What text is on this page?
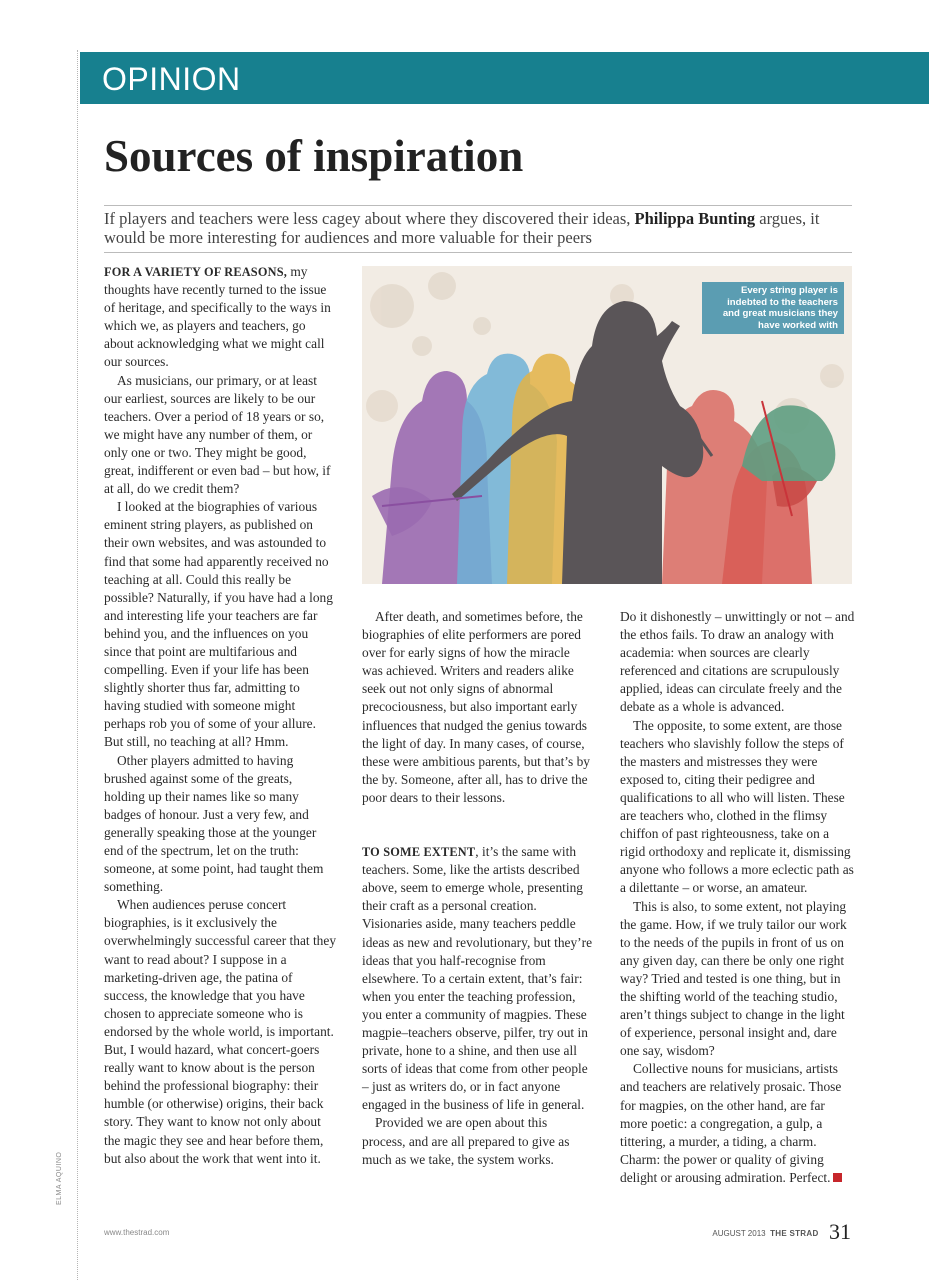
OPINION
Sources of inspiration
If players and teachers were less cagey about where they discovered their ideas, Philippa Bunting argues, it would be more interesting for audiences and more valuable for their peers

FOR A VARIETY OF REASONS, my thoughts have recently turned to the issue of heritage, and specifically to the ways in which we, as players and teachers, go about acknowledging what we might call our sources.

As musicians, our primary, or at least our earliest, sources are likely to be our teachers. Over a period of 18 years or so, we might have any number of them, or only one or two. They might be good, great, indifferent or even bad – but how, if at all, do we credit them?

I looked at the biographies of various eminent string players, as published on their own websites, and was astounded to find that some had apparently received no teaching at all. Could this really be possible? Naturally, if you have had a long and interesting life your teachers are far behind you, and the influences on you since that point are multifarious and compelling. Even if your life has been slightly shorter thus far, admitting to having studied with someone might perhaps rob you of some of your allure. But still, no teaching at all? Hmm.

Other players admitted to having brushed against some of the greats, holding up their names like so many badges of honour. Just a very few, and generally speaking those at the younger end of the spectrum, let on the truth: someone, at some point, had taught them something.

When audiences peruse concert biographies, is it exclusively the overwhelmingly successful career that they want to read about? I suppose in a marketing-driven age, the patina of success, the knowledge that you have chosen to appreciate someone who is endorsed by the whole world, is important. But, I would hazard, what concert-goers really want to know about is the person behind the professional biography: their humble (or otherwise) origins, their back story. They want to know not only about the magic they see and hear before them, but also about the work that went into it.

Every string player is indebted to the teachers and great musicians they have worked with

After death, and sometimes before, the biographies of elite performers are pored over for early signs of how the miracle was achieved. Writers and readers alike seek out not only signs of abnormal precociousness, but also important early influences that nudged the genius towards the light of day. In many cases, of course, these were ambitious parents, but that’s by the by. Someone, after all, has to drive the poor dears to their lessons.

TO SOME EXTENT, it’s the same with teachers. Some, like the artists described above, seem to emerge whole, presenting their craft as a personal creation. Visionaries aside, many teachers peddle ideas as new and revolutionary, but they’re ideas that you half-recognise from elsewhere. To a certain extent, that’s fair: when you enter the teaching profession, you enter a community of magpies. These magpie–teachers observe, pilfer, try out in private, hone to a shine, and then use all sorts of ideas that come from other people – just as writers do, or in fact anyone engaged in the business of life in general.

Provided we are open about this process, and are all prepared to give as much as we take, the system works.

Do it dishonestly – unwittingly or not – and the ethos fails. To draw an analogy with academia: when sources are clearly referenced and citations are scrupulously applied, ideas can circulate freely and the debate as a whole is advanced.

The opposite, to some extent, are those teachers who slavishly follow the steps of the masters and mistresses they were exposed to, citing their pedigree and qualifications to all who will listen. These are teachers who, clothed in the flimsy chiffon of past righteousness, take on a rigid orthodoxy and replicate it, dismissing anyone who follows a more eclectic path as a dilettante – or worse, an amateur.

This is also, to some extent, not playing the game. How, if we truly tailor our work to the needs of the pupils in front of us on any given day, can there be only one right way? Tried and tested is one thing, but in the shifting world of the teaching studio, aren’t things subject to change in the light of experience, personal insight and, dare one say, wisdom?

Collective nouns for musicians, artists and teachers are relatively prosaic. Those for magpies, on the other hand, are far more poetic: a congregation, a gulp, a tittering, a murder, a tiding, a charm. Charm: the power or quality of giving delight or arousing admiration. Perfect.

ELMA AQUINO
www.thestrad.com	AUGUST 2013 THE STRAD 31
